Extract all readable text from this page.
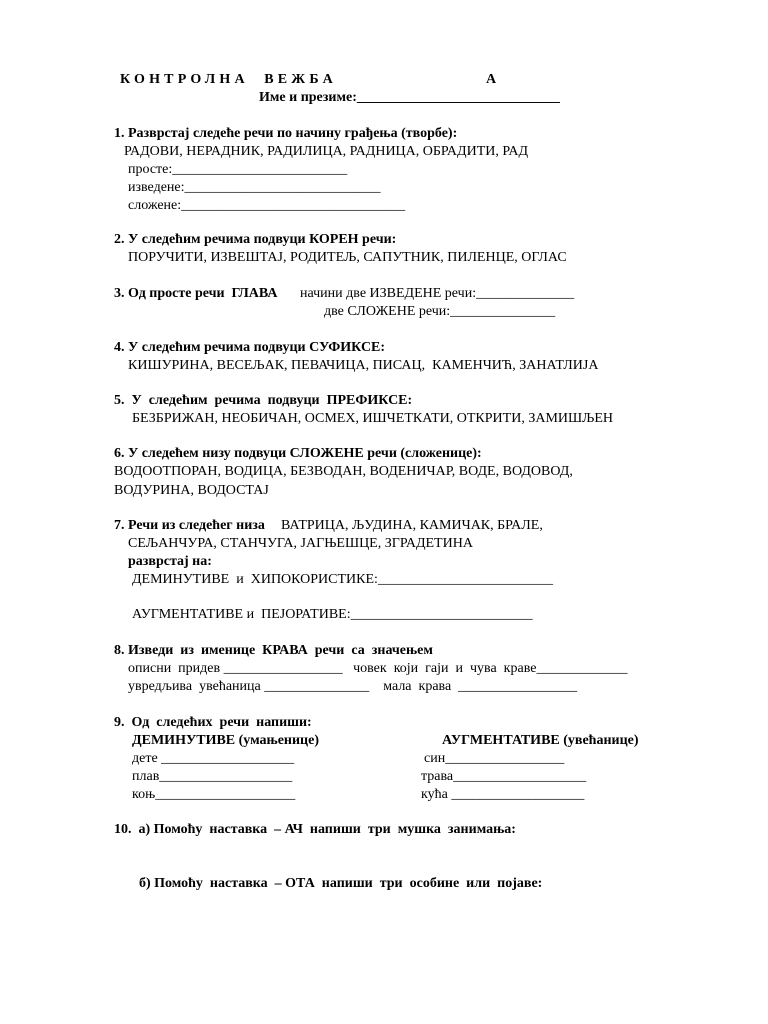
КОНТРОЛНА  ВЕЖБА	А
Име и презиме:_____________________________
1. Разврстај следеће речи по начину грађења (творбе):
РАДОВИ, НЕРАДНИК, РАДИЛИЦА, РАДНИЦА, ОБРАДИТИ, РАД
просте:_________________________
изведене:____________________________
сложене:________________________________
2. У следећим речима подвуци КОРЕН речи:
ПОРУЧИТИ, ИЗВЕШТАЈ, РОДИТЕЉ, САПУТНИК, ПИЛЕНЦЕ, ОГЛАС
3. Од просте речи  ГЛАВА начини две ИЗВЕДЕНЕ речи:______________
две СЛОЖЕНЕ речи:_______________
4. У следећим речима подвуци СУФИКСЕ:
КИШУРИНА, ВЕСЕЉАК, ПЕВАЧИЦА, ПИСАЦ,  КАМЕНЧИЋ, ЗАНАТЛИЈА
5.  У  следећим  речима  подвуци  ПРЕФИКСЕ:
БЕЗБРИЖАН, НЕОБИЧАН, ОСМЕХ, ИШЧЕТКАТИ, ОТКРИТИ, ЗАМИШЉЕН
6. У следећем низу подвуци СЛОЖЕНЕ речи (сложенице):
ВОДООТПОРАН, ВОДИЦА, БЕЗВОДАН, ВОДЕНИЧАР, ВОДЕ, ВОДОВОД,
ВОДУРИНА, ВОДОСТАЈ
7. Речи из следећег низа ВАТРИЦА, ЉУДИНА, КАМИЧАК, БРАЛЕ,
СЕЉАНЧУРА, СТАНЧУГА, ЈАГЊЕШЦЕ, ЗГРАДЕТИНА
разврстај на:
ДЕМИНУТИВЕ  и  ХИПОКОРИСТИКЕ:_________________________
АУГМЕНТАТИВЕ и  ПЕЈОРАТИВЕ:__________________________
8. Изведи  из  именице  КРАВА  речи  са  значењем
описни  придев _________________   човек  који  гаји  и  чува  краве_____________
увредљива  увећаница _______________    мала  крава  _________________
9.  Од  следећих  речи  напиши:
ДЕМИНУТИВЕ (умањенице)	АУГМЕНТАТИВЕ (увећанице)
дете ___________________
плав___________________
коњ____________________
син_________________
трава___________________
кућа ___________________
10.  а) Помоћу  наставка  – АЧ  напиши  три  мушка  занимања:
б) Помоћу  наставка  – ОТА  напиши  три  особине  или  појаве:
